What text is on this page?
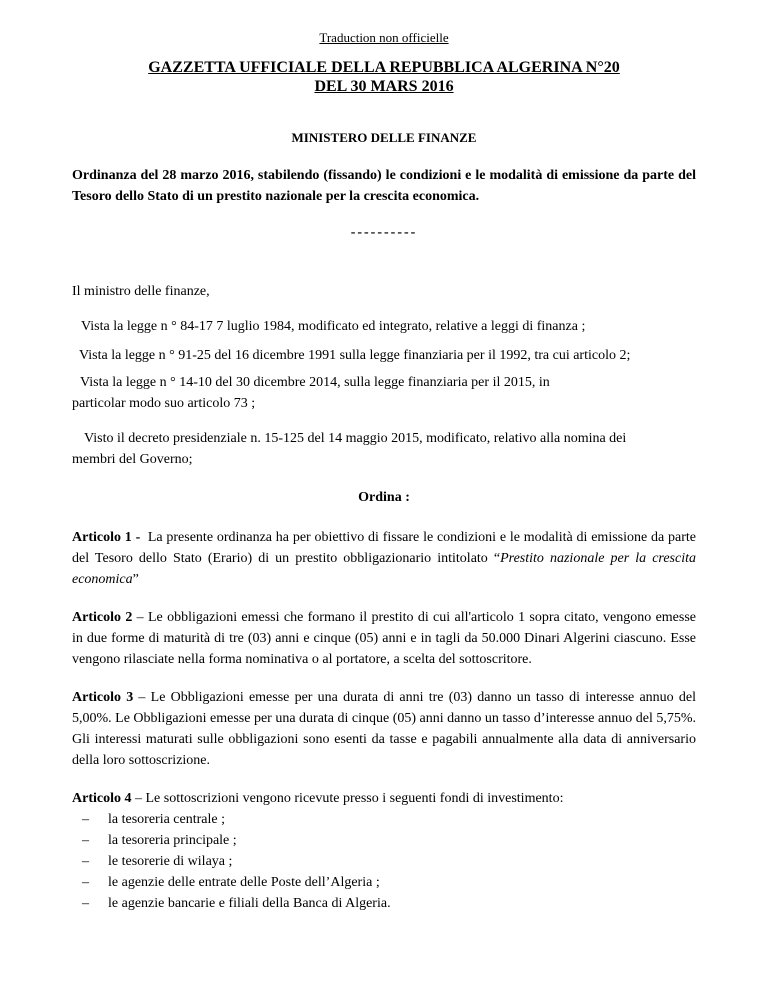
Traduction non officielle

GAZZETTA UFFICIALE DELLA REPUBBLICA ALGERINA N°20
DEL 30 MARS 2016

MINISTERO DELLE FINANZE

Ordinanza del 28 marzo 2016, stabilendo (fissando) le condizioni e le modalità di emissione da parte del Tesoro dello Stato di un prestito nazionale per la crescita economica.

----------

Il ministro delle finanze,

Vista la legge n ° 84-17 7 luglio 1984, modificato ed integrato, relative a leggi di finanza ;

Vista la legge n ° 91-25 del 16 dicembre 1991 sulla legge finanziaria per il 1992, tra cui articolo 2;

Vista la legge n ° 14-10 del 30 dicembre 2014, sulla legge finanziaria per il 2015, in particolar modo suo articolo 73 ;

Visto il decreto presidenziale n. 15-125 del 14 maggio 2015, modificato, relativo alla nomina dei membri del Governo;

Ordina :

Articolo 1 - La presente ordinanza ha per obiettivo di fissare le condizioni e le modalità di emissione da parte del Tesoro dello Stato (Erario) di un prestito obbligazionario intitolato “Prestito nazionale per la crescita economica”

Articolo 2 – Le obbligazioni emessi che formano il prestito di cui all'articolo 1 sopra citato, vengono emesse in due forme di maturità di tre (03) anni e cinque (05) anni e in tagli da 50.000 Dinari Algerini ciascuno. Esse vengono rilasciate nella forma nominativa o al portatore, a scelta del sottoscritore.

Articolo 3 – Le Obbligazioni emesse per una durata di anni tre (03) danno un tasso di interesse annuo del 5,00%. Le Obbligazioni emesse per una durata di cinque (05) anni danno un tasso d’interesse annuo del 5,75%. Gli interessi maturati sulle obbligazioni sono esenti da tasse e pagabili annualmente alla data di anniversario della loro sottoscrizione.

Articolo 4 – Le sottoscrizioni vengono ricevute presso i seguenti fondi di investimento:

– la tesoreria centrale ;
– la tesoreria principale ;
– le tesorerie di wilaya ;
– le agenzie delle entrate delle Poste dell’Algeria ;
– le agenzie bancarie e filiali della Banca di Algeria.
